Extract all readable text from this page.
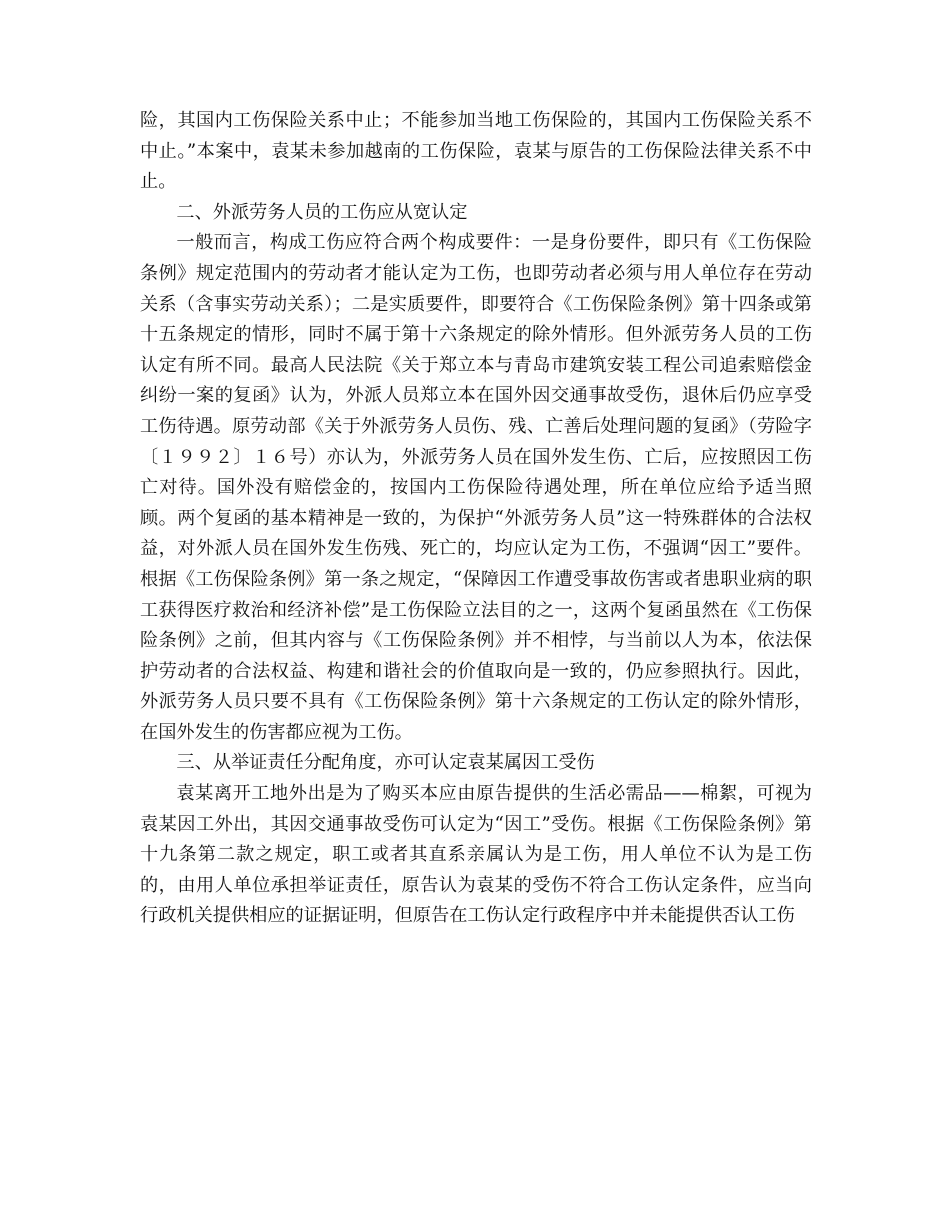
险，其国内工伤保险关系中止；不能参加当地工伤保险的，其国内工伤保险关系不中止。”本案中，袁某未参加越南的工伤保险，袁某与原告的工伤保险法律关系不中止。

二、外派劳务人员的工伤应从宽认定

一般而言，构成工伤应符合两个构成要件：一是身份要件，即只有《工伤保险条例》规定范围内的劳动者才能认定为工伤，也即劳动者必须与用人单位存在劳动关系（含事实劳动关系）；二是实质要件，即要符合《工伤保险条例》第十四条或第十五条规定的情形，同时不属于第十六条规定的除外情形。但外派劳务人员的工伤认定有所不同。最高人民法院《关于郑立本与青岛市建筑安装工程公司追索赔偿金纠纷一案的复函》认为，外派人员郑立本在国外因交通事故受伤，退休后仍应享受工伤待遇。原劳动部《关于外派劳务人员伤、残、亡善后处理问题的复函》（劳险字〔１９９２〕１６号）亦认为，外派劳务人员在国外发生伤、亡后，应按照因工伤亡对待。国外没有赔偿金的，按国内工伤保险待遇处理，所在单位应给予适当照顾。两个复函的基本精神是一致的，为保护“外派劳务人员”这一特殊群体的合法权益，对外派人员在国外发生伤残、死亡的，均应认定为工伤，不强调“因工”要件。根据《工伤保险条例》第一条之规定，“保障因工作遭受事故伤害或者患职业病的职工获得医疗救治和经济补偿”是工伤保险立法目的之一，这两个复函虽然在《工伤保险条例》之前，但其内容与《工伤保险条例》并不相悖，与当前以人为本，依法保护劳动者的合法权益、构建和谐社会的价值取向是一致的，仍应参照执行。因此，外派劳务人员只要不具有《工伤保险条例》第十六条规定的工伤认定的除外情形，在国外发生的伤害都应视为工伤。

三、从举证责任分配角度，亦可认定袁某属因工受伤

袁某离开工地外出是为了购买本应由原告提供的生活必需品——棉絮，可视为袁某因工外出，其因交通事故受伤可认定为“因工”受伤。根据《工伤保险条例》第十九条第二款之规定，职工或者其直系亲属认为是工伤，用人单位不认为是工伤的，由用人单位承担举证责任，原告认为袁某的受伤不符合工伤认定条件，应当向行政机关提供相应的证据证明，但原告在工伤认定行政程序中并未能提供否认工伤
